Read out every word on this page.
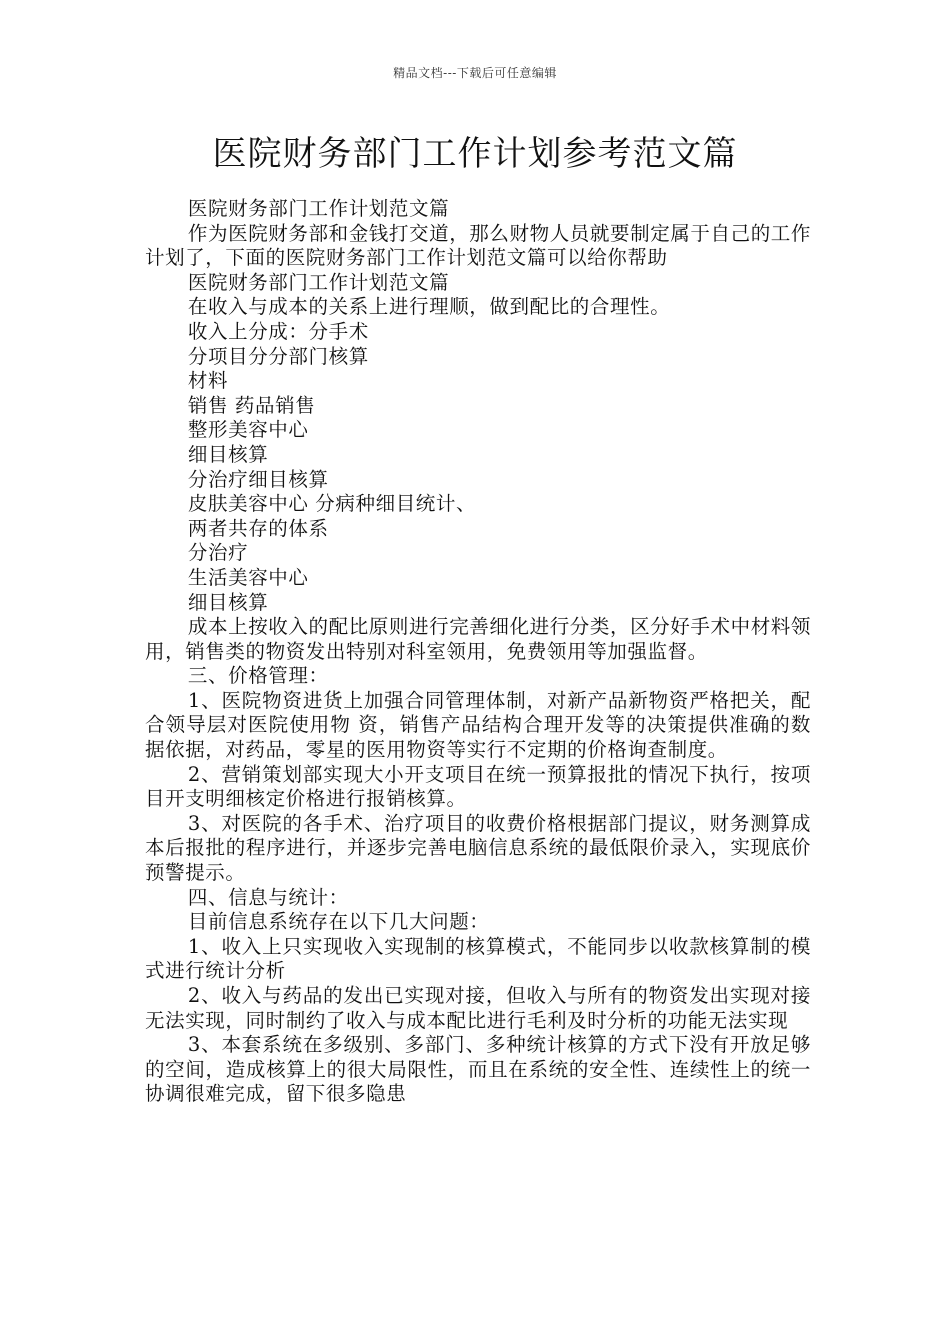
精品文档---下载后可任意编辑
医院财务部门工作计划参考范文篇

医院财务部门工作计划范文篇

作为医院财务部和金钱打交道，那么财物人员就要制定属于自己的工作计划了，下面的医院财务部门工作计划范文篇可以给你帮助

医院财务部门工作计划范文篇

在收入与成本的关系上进行理顺，做到配比的合理性。

收入上分成：分手术

分项目分分部门核算

材料

销售 药品销售

整形美容中心

细目核算

分治疗细目核算

皮肤美容中心 分病种细目统计、

两者共存的体系

分治疗

生活美容中心

细目核算

成本上按收入的配比原则进行完善细化进行分类，区分好手术中材料领用，销售类的物资发出特别对科室领用，免费领用等加强监督。

三、价格管理：

1、医院物资进货上加强合同管理体制，对新产品新物资严格把关，配合领导层对医院使用物 资，销售产品结构合理开发等的决策提供准确的数据依据，对药品，零星的医用物资等实行不定期的价格询查制度。

2、营销策划部实现大小开支项目在统一预算报批的情况下执行，按项目开支明细核定价格进行报销核算。

3、对医院的各手术、治疗项目的收费价格根据部门提议，财务测算成本后报批的程序进行，并逐步完善电脑信息系统的最低限价录入，实现底价预警提示。

四、信息与统计：

目前信息系统存在以下几大问题：

1、收入上只实现收入实现制的核算模式，不能同步以收款核算制的模式进行统计分析

2、收入与药品的发出已实现对接，但收入与所有的物资发出实现对接无法实现，同时制约了收入与成本配比进行毛利及时分析的功能无法实现

3、本套系统在多级别、多部门、多种统计核算的方式下没有开放足够的空间，造成核算上的很大局限性，而且在系统的安全性、连续性上的统一协调很难完成，留下很多隐患
